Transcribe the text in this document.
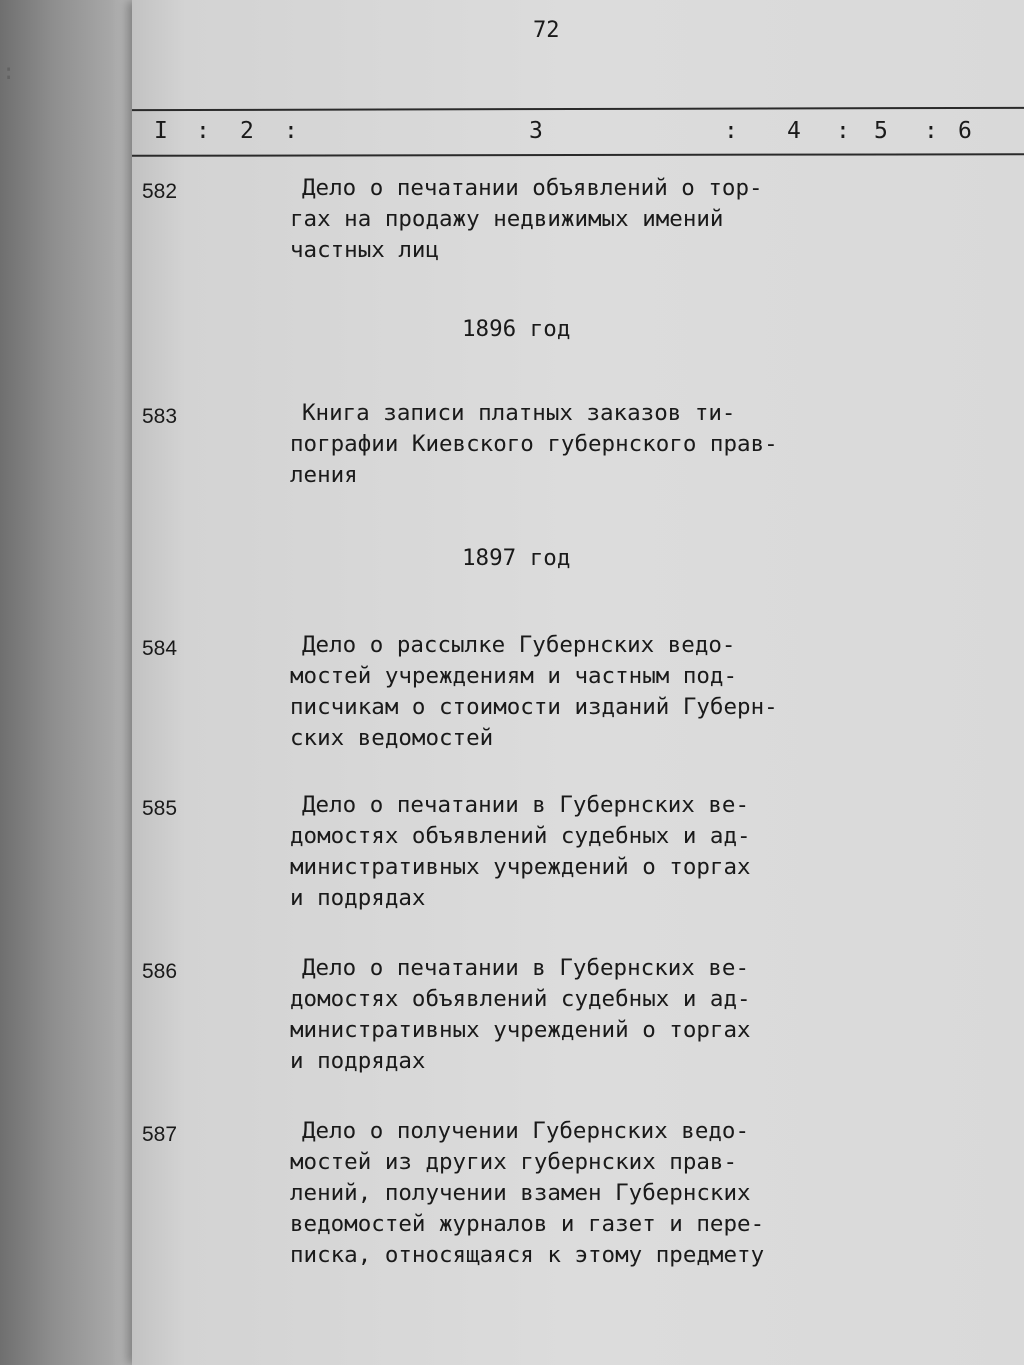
:
72
I : 2 :	3	: 4 : 5 : 6
582	Дело о печатании объявлений о тор-
гах на продажу недвижимых имений
частных лиц
1896 год
583	Книга записи платных заказов ти-
пографии Киевского губернского прав-
ления
1897 год
584	Дело о рассылке Губернских ведо-
мостей учреждениям и частным под-
писчикам о стоимости изданий Губерн-
ских ведомостей
585	Дело о печатании в Губернских ве-
домостях объявлений судебных и ад-
министративных учреждений о торгах
и подрядах
586	Дело о печатании в Губернских ве-
домостях объявлений судебных и ад-
министративных учреждений о торгах
и подрядах
587	Дело о получении Губернских ведо-
мостей из других губернских прав-
лений, получении взамен Губернских
ведомостей журналов и газет и пере-
писка, относящаяся к этому предмету
